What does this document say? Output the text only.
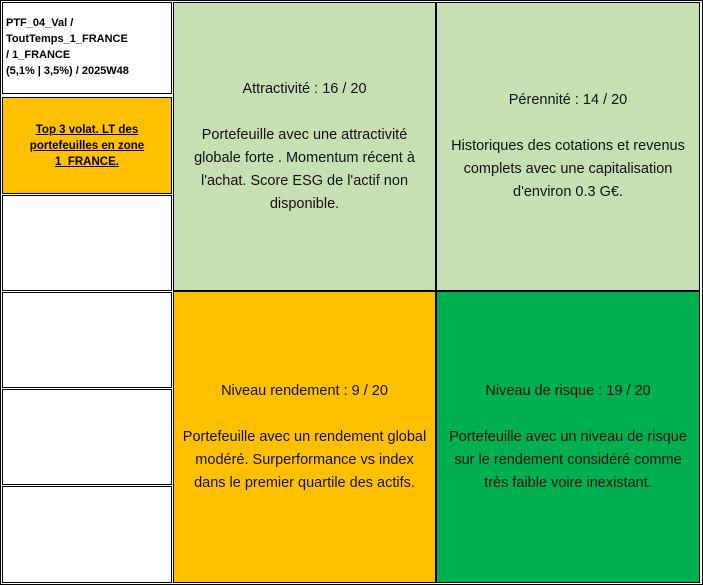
PTF_04_Val /
ToutTemps_1_FRANCE
/ 1_FRANCE
(5,1% | 3,5%) / 2025W48
Top 3 volat. LT des portefeuilles en zone 1_FRANCE.
Attractivité : 16 / 20
Portefeuille avec une attractivité globale forte . Momentum récent à l'achat. Score ESG de l'actif non disponible.
Pérennité : 14 / 20
Historiques des cotations et revenus complets avec une capitalisation d'environ 0.3 G€.
Niveau rendement : 9 / 20
Portefeuille avec un rendement global modéré. Surperformance vs index dans le premier quartile des actifs.
Niveau de risque : 19 / 20
Portefeuille avec un niveau de risque sur le rendement considéré comme très faible voire inexistant.
